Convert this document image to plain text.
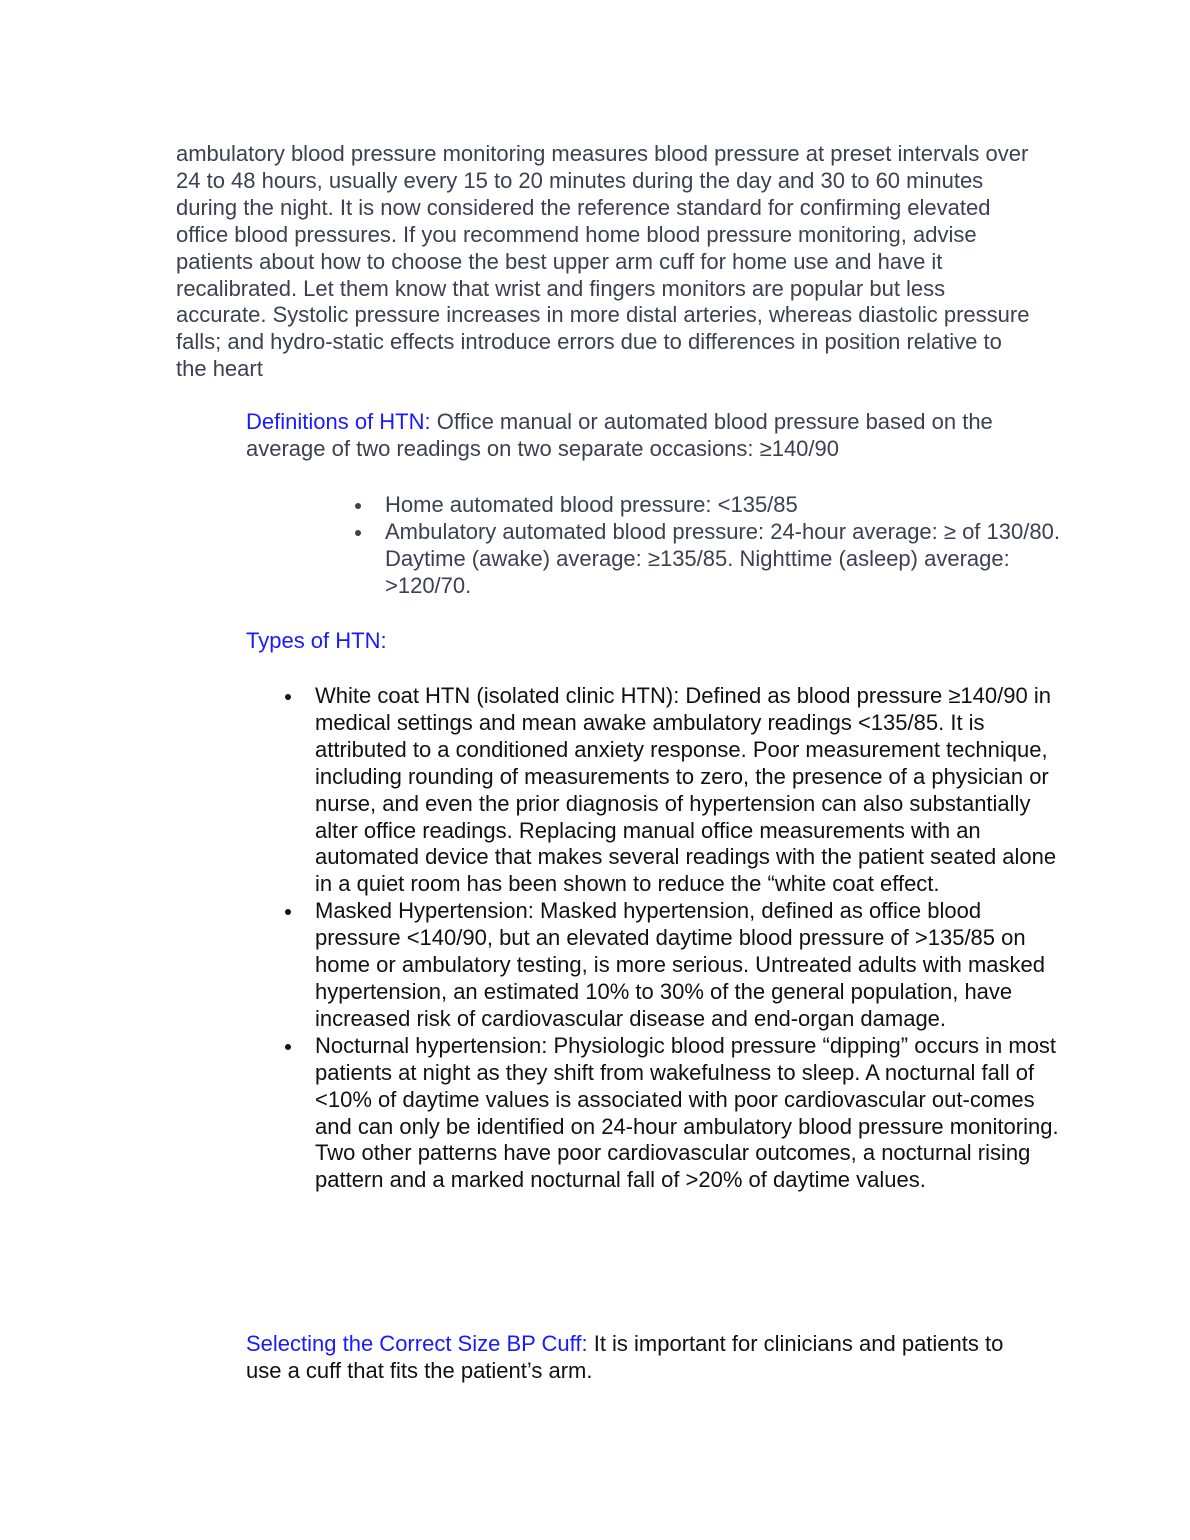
ambulatory blood pressure monitoring measures blood pressure at preset intervals over 24 to 48 hours, usually every 15 to 20 minutes during the day and 30 to 60 minutes during the night. It is now considered the reference standard for confirming elevated office blood pressures. If you recommend home blood pressure monitoring, advise patients about how to choose the best upper arm cuff for home use and have it recalibrated. Let them know that wrist and fingers monitors are popular but less accurate. Systolic pressure increases in more distal arteries, whereas diastolic pressure falls; and hydro-static effects introduce errors due to differences in position relative to the heart

Definitions of HTN: Office manual or automated blood pressure based on the average of two readings on two separate occasions: ≥140/90

Home automated blood pressure: <135/85
Ambulatory automated blood pressure: 24-hour average: ≥ of 130/80. Daytime (awake) average: ≥135/85. Nighttime (asleep) average: >120/70.

Types of HTN:

White coat HTN (isolated clinic HTN): Defined as blood pressure ≥140/90 in medical settings and mean awake ambulatory readings <135/85. It is attributed to a conditioned anxiety response. Poor measurement technique, including rounding of measurements to zero, the presence of a physician or nurse, and even the prior diagnosis of hypertension can also substantially alter office readings. Replacing manual office measurements with an automated device that makes several readings with the patient seated alone in a quiet room has been shown to reduce the “white coat effect.
Masked Hypertension: Masked hypertension, defined as office blood pressure <140/90, but an elevated daytime blood pressure of >135/85 on home or ambulatory testing, is more serious. Untreated adults with masked hypertension, an estimated 10% to 30% of the general population, have increased risk of cardiovascular disease and end-organ damage.
Nocturnal hypertension: Physiologic blood pressure “dipping” occurs in most patients at night as they shift from wakefulness to sleep. A nocturnal fall of <10% of daytime values is associated with poor cardiovascular out-comes and can only be identified on 24-hour ambulatory blood pressure monitoring. Two other patterns have poor cardiovascular outcomes, a nocturnal rising pattern and a marked nocturnal fall of >20% of daytime values.

Selecting the Correct Size BP Cuff: It is important for clinicians and patients to use a cuff that fits the patient’s arm.
